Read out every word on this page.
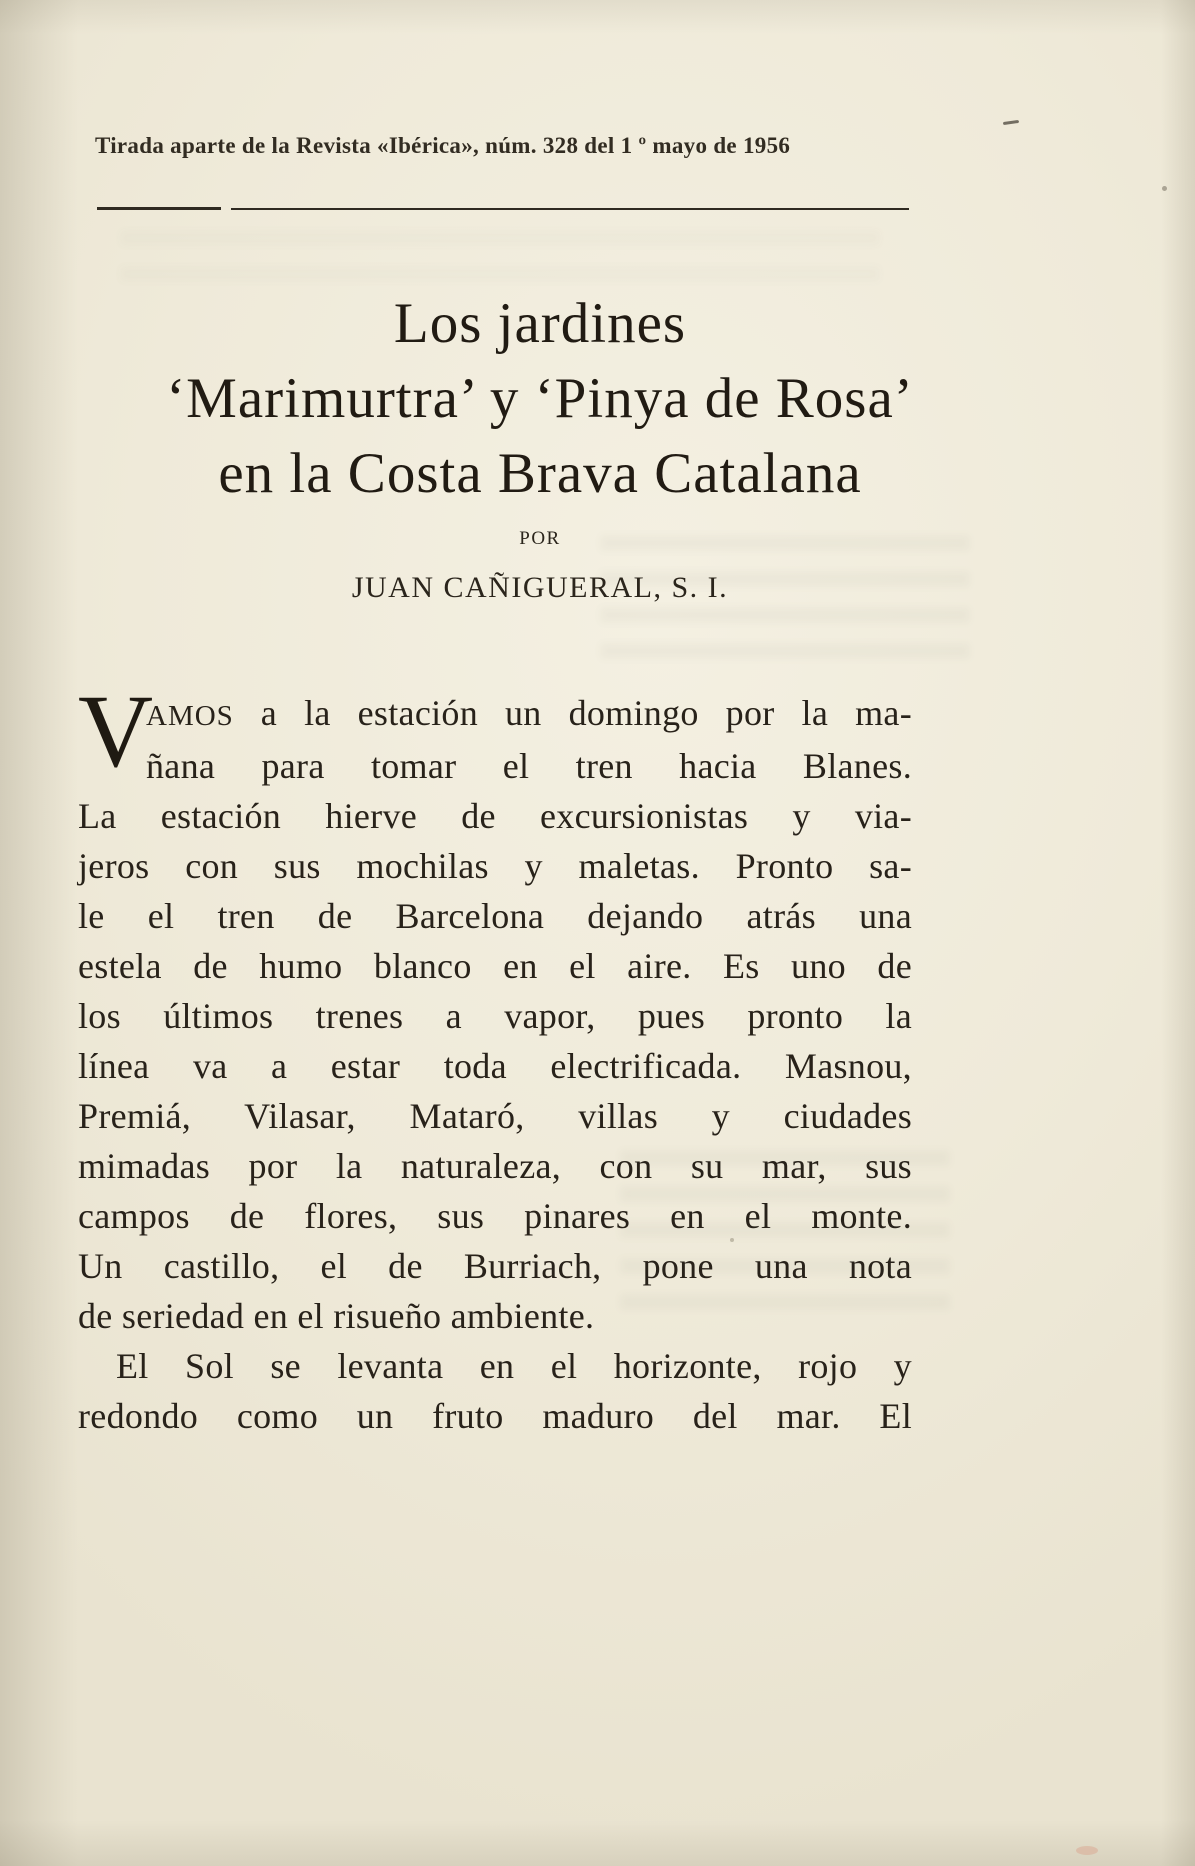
Tirada aparte de la Revista «Ibérica», núm. 328 del 1 º mayo de 1956
Los jardines
‘Marimurtra’ y ‘Pinya de Rosa’
en la Costa Brava Catalana
POR
JUAN CAÑIGUERAL, S. I.
V
AMOS a la estación un domingo por la ma-
ñana para tomar el tren hacia Blanes.
La estación hierve de excursionistas y via-
jeros con sus mochilas y maletas. Pronto sa-
le el tren de Barcelona dejando atrás una
estela de humo blanco en el aire. Es uno de
los últimos trenes a vapor, pues pronto la
línea va a estar toda electrificada. Masnou,
Premiá, Vilasar, Mataró, villas y ciudades
mimadas por la naturaleza, con su mar, sus
campos de flores, sus pinares en el monte.
Un castillo, el de Burriach, pone una nota
de seriedad en el risueño ambiente.
El Sol se levanta en el horizonte, rojo y
redondo como un fruto maduro del mar. El
